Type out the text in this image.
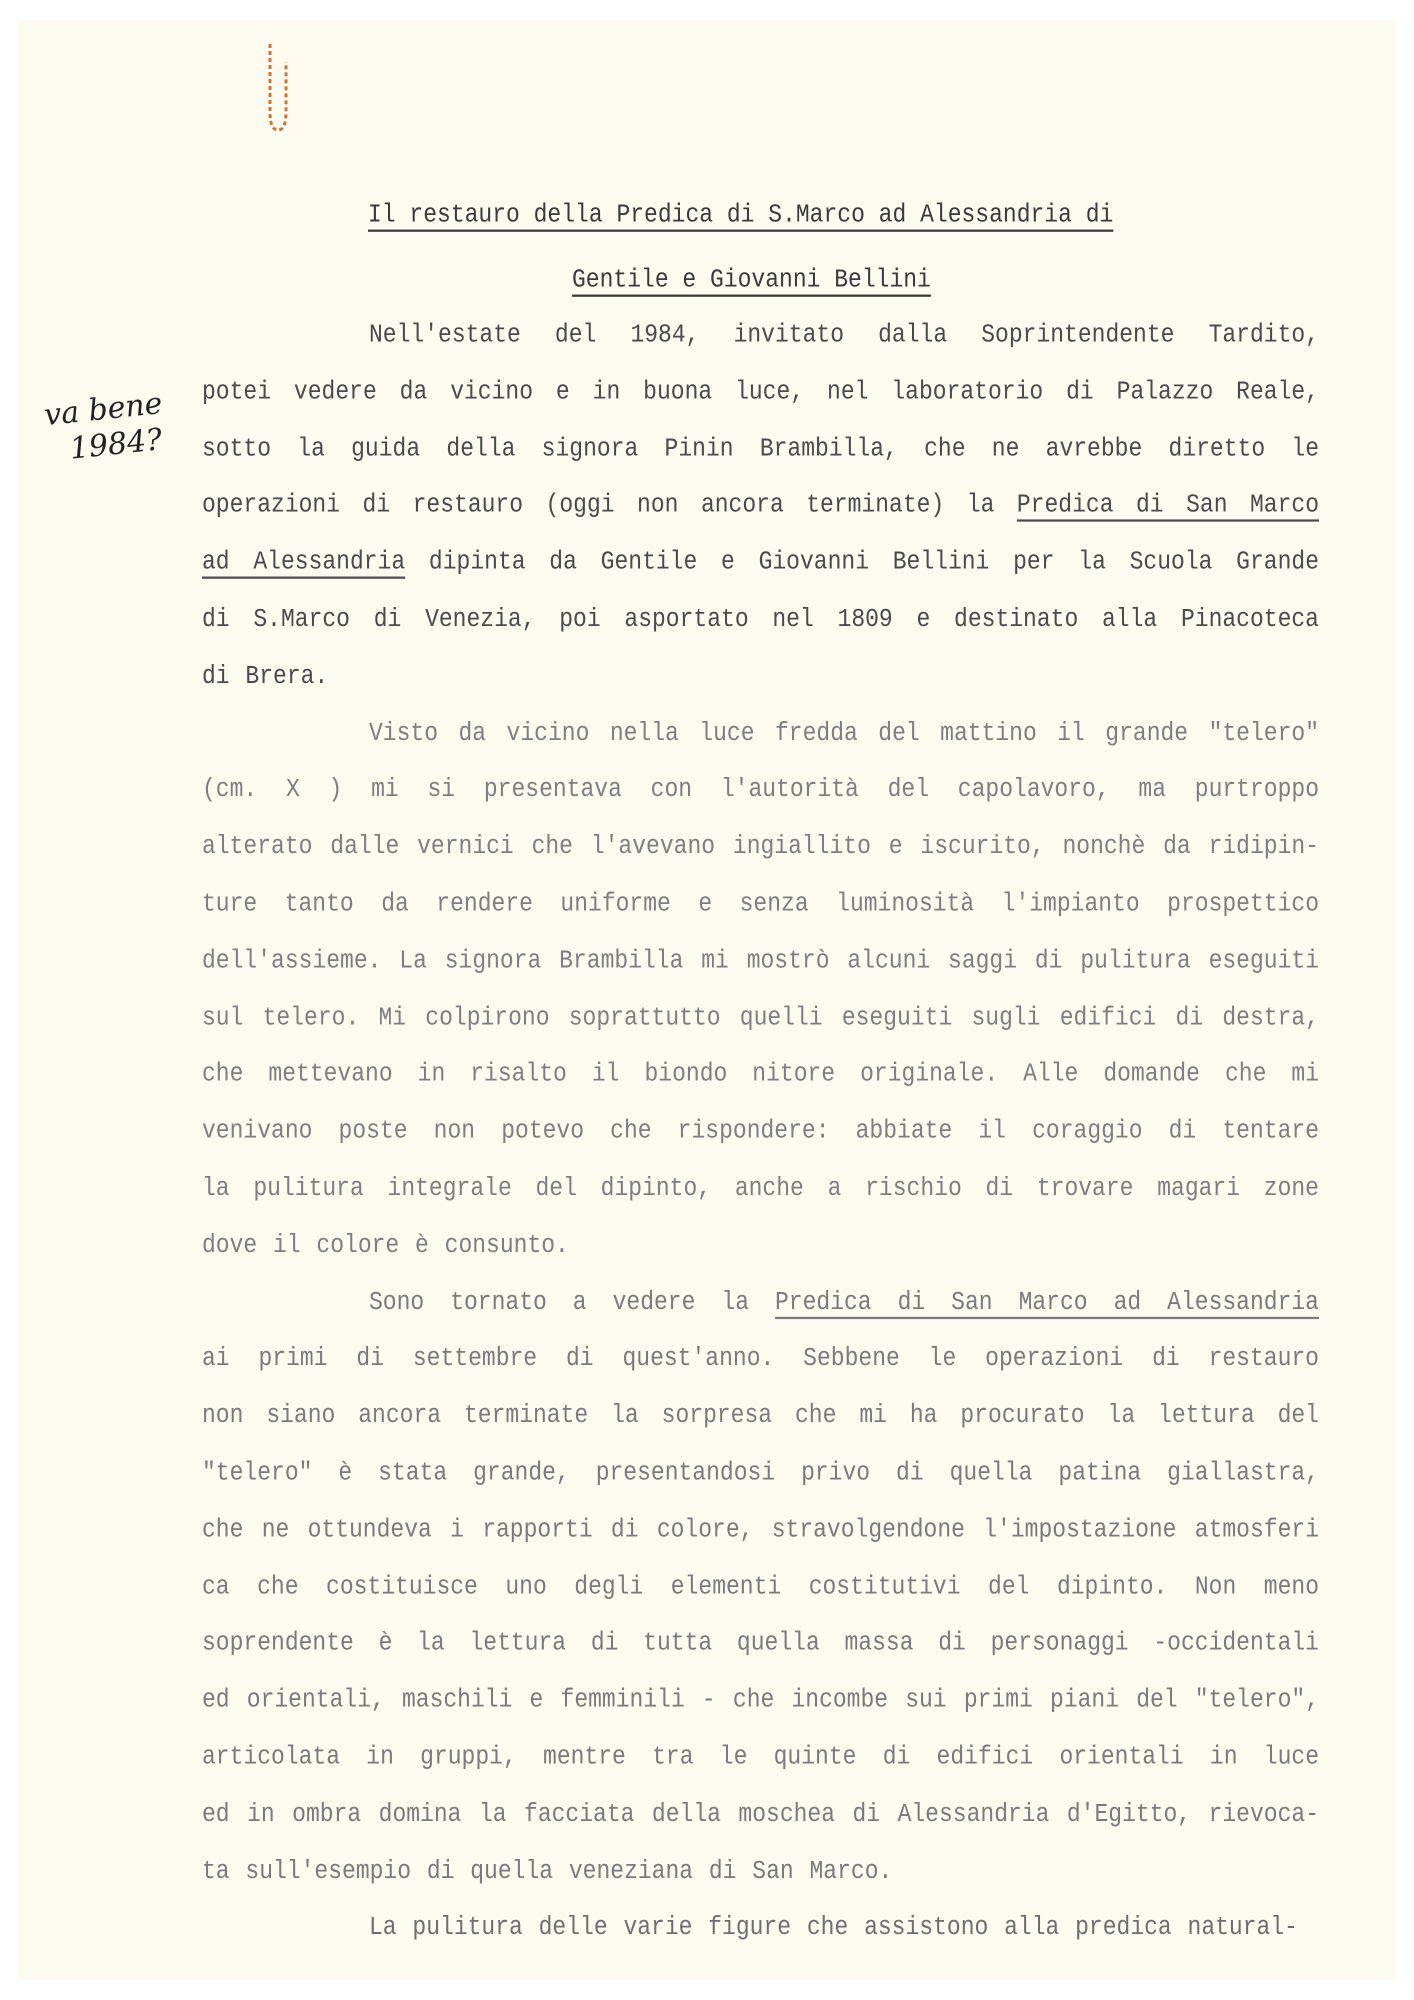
va bene
1984?
Il restauro della Predica di S.Marco ad Alessandria di
Gentile e Giovanni Bellini
Nell'estate del 1984, invitato dalla Soprintendente Tardito,
potei vedere da vicino e in buona luce, nel laboratorio di Palazzo Reale,
sotto la guida della signora Pinin Brambilla, che ne avrebbe diretto le
operazioni di restauro (oggi non ancora terminate) la Predica di San Marco
ad Alessandria dipinta da Gentile e Giovanni Bellini per la Scuola Grande
di S.Marco di Venezia, poi asportato nel 1809 e destinato alla Pinacoteca
di Brera.
Visto da vicino nella luce fredda del mattino il grande "telero"
(cm. X ) mi si presentava con l'autorità del capolavoro, ma purtroppo
alterato dalle vernici che l'avevano ingiallito e iscurito, nonchè da ridipin-
ture tanto da rendere uniforme e senza luminosità l'impianto prospettico
dell'assieme. La signora Brambilla mi mostrò alcuni saggi di pulitura eseguiti
sul telero. Mi colpirono soprattutto quelli eseguiti sugli edifici di destra,
che mettevano in risalto il biondo nitore originale. Alle domande che mi
venivano poste non potevo che rispondere: abbiate il coraggio di tentare
la pulitura integrale del dipinto, anche a rischio di trovare magari zone
dove il colore è consunto.
Sono tornato a vedere la Predica di San Marco ad Alessandria
ai primi di settembre di quest'anno. Sebbene le operazioni di restauro
non siano ancora terminate la sorpresa che mi ha procurato la lettura del
"telero" è stata grande, presentandosi privo di quella patina giallastra,
che ne ottundeva i rapporti di colore, stravolgendone l'impostazione atmosferi
ca che costituisce uno degli elementi costitutivi del dipinto. Non meno
soprendente è la lettura di tutta quella massa di personaggi -occidentali
ed orientali, maschili e femminili - che incombe sui primi piani del "telero",
articolata in gruppi, mentre tra le quinte di edifici orientali in luce
ed in ombra domina la facciata della moschea di Alessandria d'Egitto, rievoca-
ta sull'esempio di quella veneziana di San Marco.
La pulitura delle varie figure che assistono alla predica natural-
